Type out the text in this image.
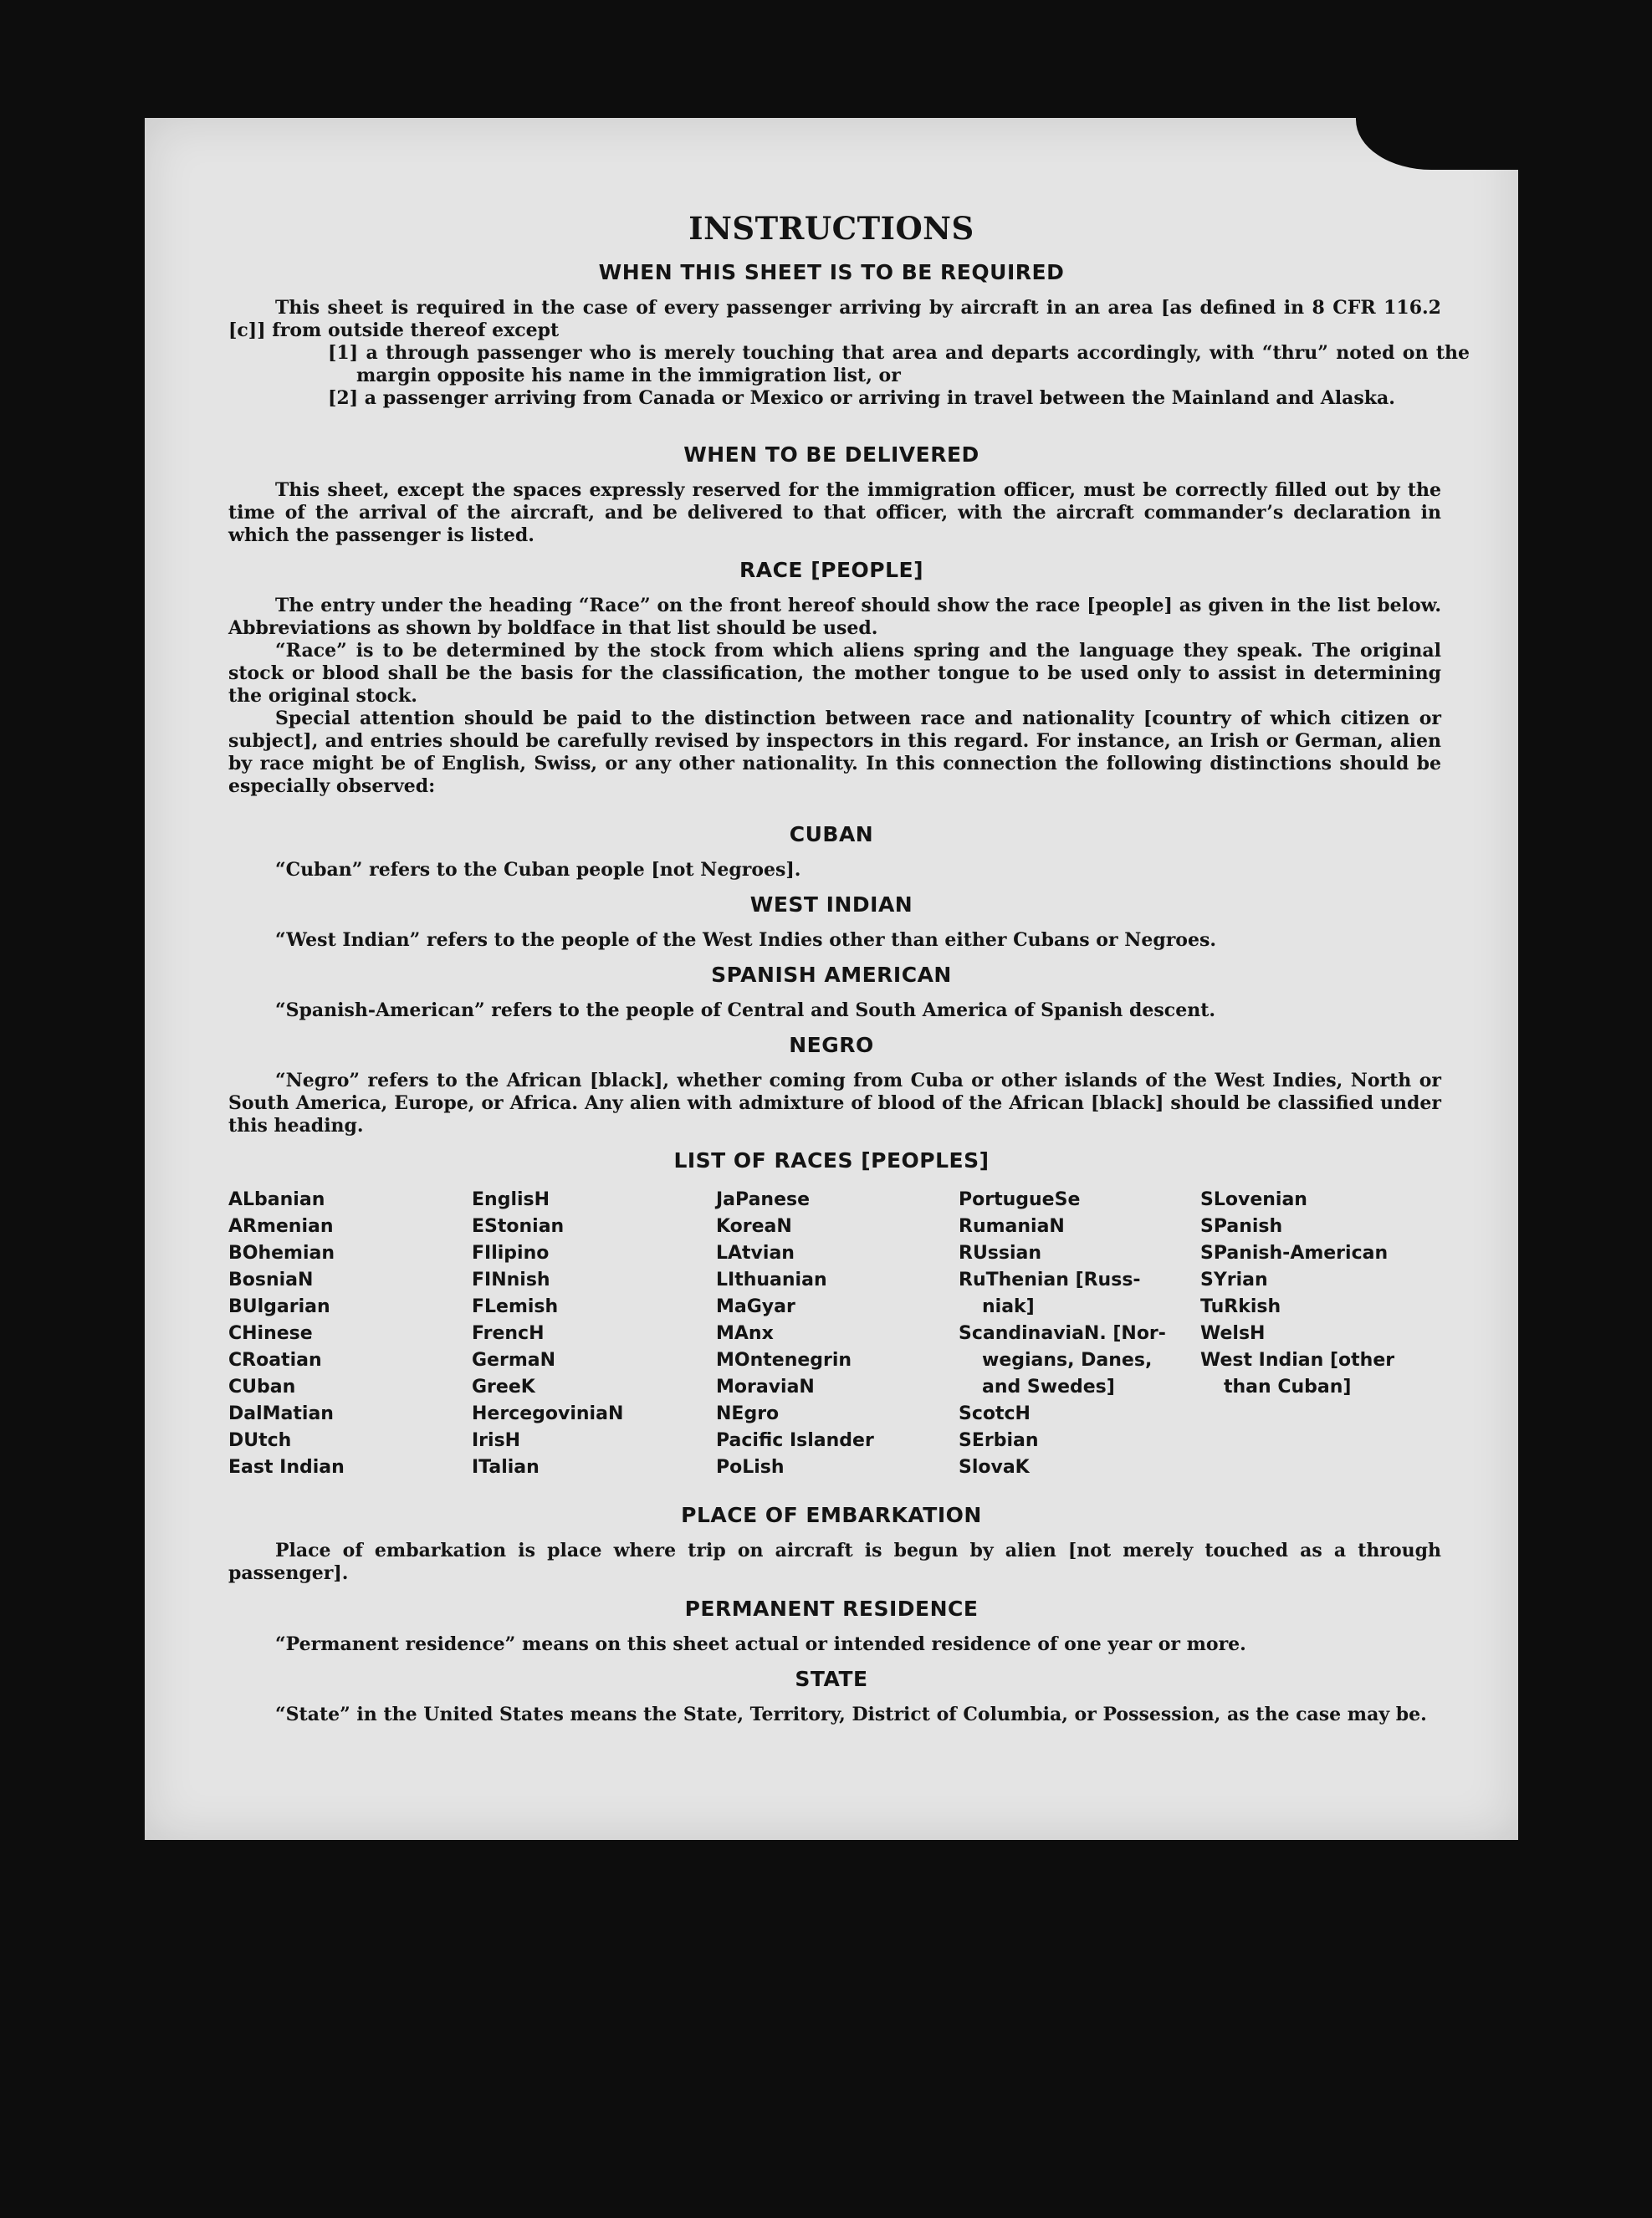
INSTRUCTIONS
WHEN THIS SHEET IS TO BE REQUIRED
This sheet is required in the case of every passenger arriving by aircraft in an area [as defined in 8 CFR 116.2 [c]] from outside thereof except
[1] a through passenger who is merely touching that area and departs accordingly, with “thru” noted on the margin opposite his name in the immigration list, or
[2] a passenger arriving from Canada or Mexico or arriving in travel between the Mainland and Alaska.
WHEN TO BE DELIVERED
This sheet, except the spaces expressly reserved for the immigration officer, must be correctly filled out by the time of the arrival of the aircraft, and be delivered to that officer, with the aircraft commander’s declaration in which the passenger is listed.
RACE [PEOPLE]
The entry under the heading “Race” on the front hereof should show the race [people] as given in the list below. Abbreviations as shown by boldface in that list should be used.
“Race” is to be determined by the stock from which aliens spring and the language they speak. The original stock or blood shall be the basis for the classification, the mother tongue to be used only to assist in determining the original stock.
Special attention should be paid to the distinction between race and nationality [country of which citizen or subject], and entries should be carefully revised by inspectors in this regard. For instance, an Irish or German, alien by race might be of English, Swiss, or any other nationality. In this connection the following distinctions should be especially observed:
CUBAN
“Cuban” refers to the Cuban people [not Negroes].
WEST INDIAN
“West Indian” refers to the people of the West Indies other than either Cubans or Negroes.
SPANISH AMERICAN
“Spanish-American” refers to the people of Central and South America of Spanish descent.
NEGRO
“Negro” refers to the African [black], whether coming from Cuba or other islands of the West Indies, North or South America, Europe, or Africa. Any alien with admixture of blood of the African [black] should be classified under this heading.
LIST OF RACES [PEOPLES]
ALbanian
ARmenian
BOhemian
BosniaN
BUlgarian
CHinese
CRoatian
CUban
DalMatian
DUtch
East Indian
EnglisH
EStonian
FIlipino
FINnish
FLemish
FrencH
GermaN
GreeK
HercegoviniaN
IrisH
ITalian
JaPanese
KoreaN
LAtvian
LIthuanian
MaGyar
MAnx
MOntenegrin
MoraviaN
NEgro
Pacific Islander
PoLish
PortugueSe
RumaniaN
RUssian
RuThenian [Russ-
niak]
ScandinaviaN. [Nor-
wegians, Danes,
and Swedes]
ScotcH
SErbian
SlovaK
SLovenian
SPanish
SPanish-American
SYrian
TuRkish
WelsH
West Indian [other
than Cuban]
PLACE OF EMBARKATION
Place of embarkation is place where trip on aircraft is begun by alien [not merely touched as a through passenger].
PERMANENT RESIDENCE
“Permanent residence” means on this sheet actual or intended residence of one year or more.
STATE
“State” in the United States means the State, Territory, District of Columbia, or Possession, as the case may be.
